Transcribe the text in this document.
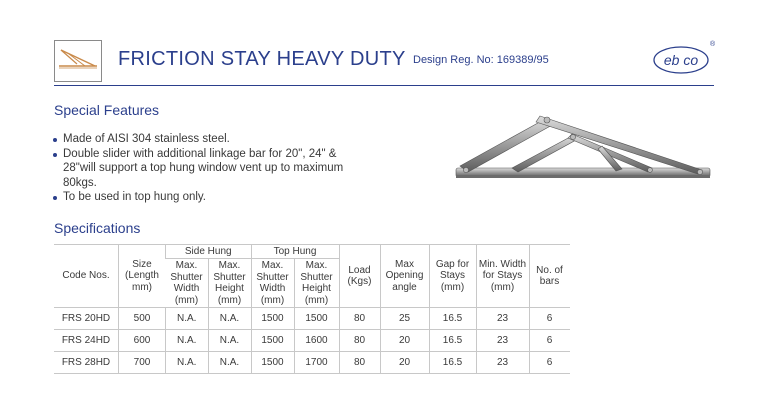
FRICTION STAY HEAVY DUTY Design Reg. No: 169389/95	eb co
®
Special Features
Made of AISI 304 stainless steel.
Double slider with additional linkage bar for 20", 24" & 28"will support a top hung window vent up to maximum 80kgs.
To be used in top hung only.
Specifications
Code Nos.	Size (Length mm)	Side Hung		Top Hung		Load (Kgs)	Max Opening angle	Gap for Stays (mm)	Min. Width for Stays (mm)	No. of bars
		Max. Shutter Width (mm)	Max. Shutter Height (mm)	Max. Shutter Width (mm)	Max. Shutter Height (mm)					
FRS 20HD	500	N.A.	N.A.	1500	1500	80	25	16.5	23	6
FRS 24HD	600	N.A.	N.A.	1500	1600	80	20	16.5	23	6
FRS 28HD	700	N.A.	N.A.	1500	1700	80	20	16.5	23	6
